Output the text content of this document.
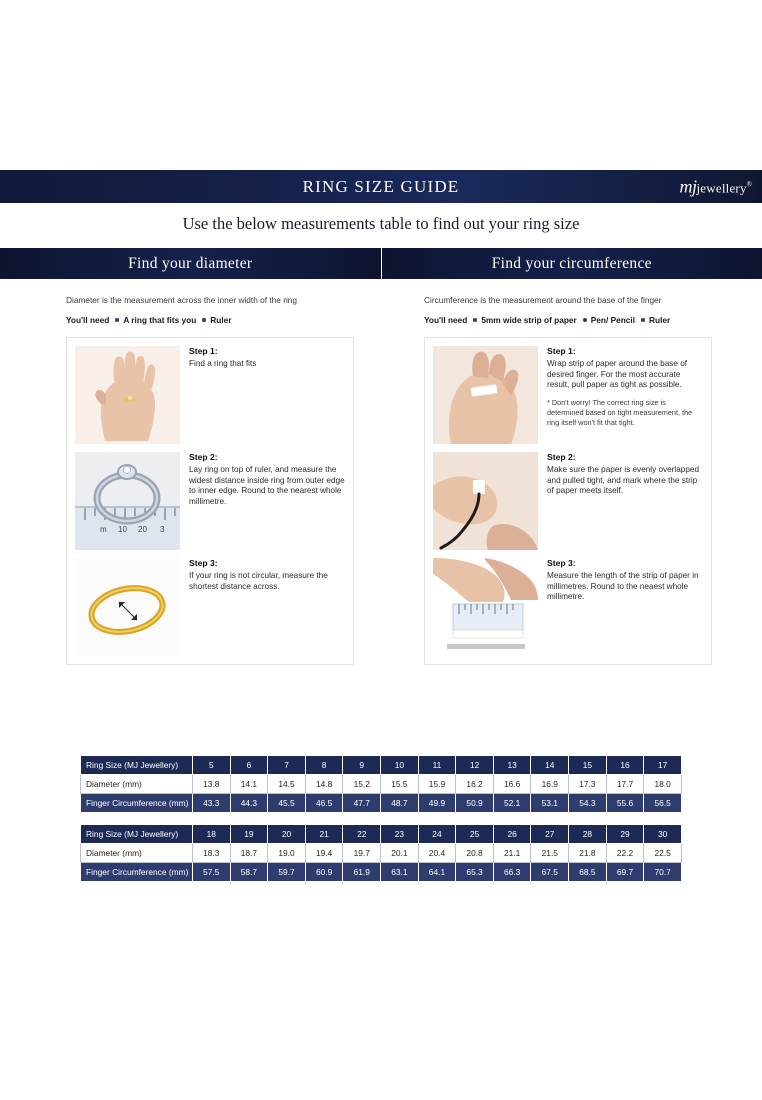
RING SIZE GUIDE	mjjewellery®
Use the below measurements table to find out your ring size
Find your diameter	Find your circumference
Diameter is the measurement across the inner width of the ring
You'll need A ring that fits you Ruler
Step 1:
Find a ring that fits
m 10 20 3
Step 2:
Lay ring on top of ruler, and measure the widest distance inside ring from outer edge to inner edge. Round to the nearest whole millimetre.
Step 3:
If your ring is not circular, measure the shortest distance across.
Circumference is the measurement around the base of the finger
You'll need 5mm wide strip of paper Pen/ Pencil Ruler
Step 1:
Wrap strip of paper around the base of desired finger. For the most accurate result, pull paper as tight as possible.
* Don't worry! The correct ring size is determined based on tight measurement, the ring itself won't fit that tight.
Step 2:
Make sure the paper is evenly overlapped and pulled tight, and mark where the strip of paper meets itself.
Step 3:
Measure the length of the strip of paper in millimetres. Round to the neaest whole millimetre.
Ring Size (MJ Jewellery)	5	6	7	8	9	10	11	12	13	14	15	16	17
Diameter (mm)	13.8	14.1	14.5	14.8	15.2	15.5	15.9	16.2	16.6	16.9	17.3	17.7	18.0
Finger Circumference (mm)	43.3	44.3	45.5	46.5	47.7	48.7	49.9	50.9	52.1	53.1	54.3	55.6	56.5
Ring Size (MJ Jewellery)	18	19	20	21	22	23	24	25	26	27	28	29	30
Diameter (mm)	18.3	18.7	19.0	19.4	19.7	20.1	20.4	20.8	21.1	21.5	21.8	22.2	22.5
Finger Circumference (mm)	57.5	58.7	59.7	60.9	61.9	63.1	64.1	65.3	66.3	67.5	68.5	69.7	70.7
